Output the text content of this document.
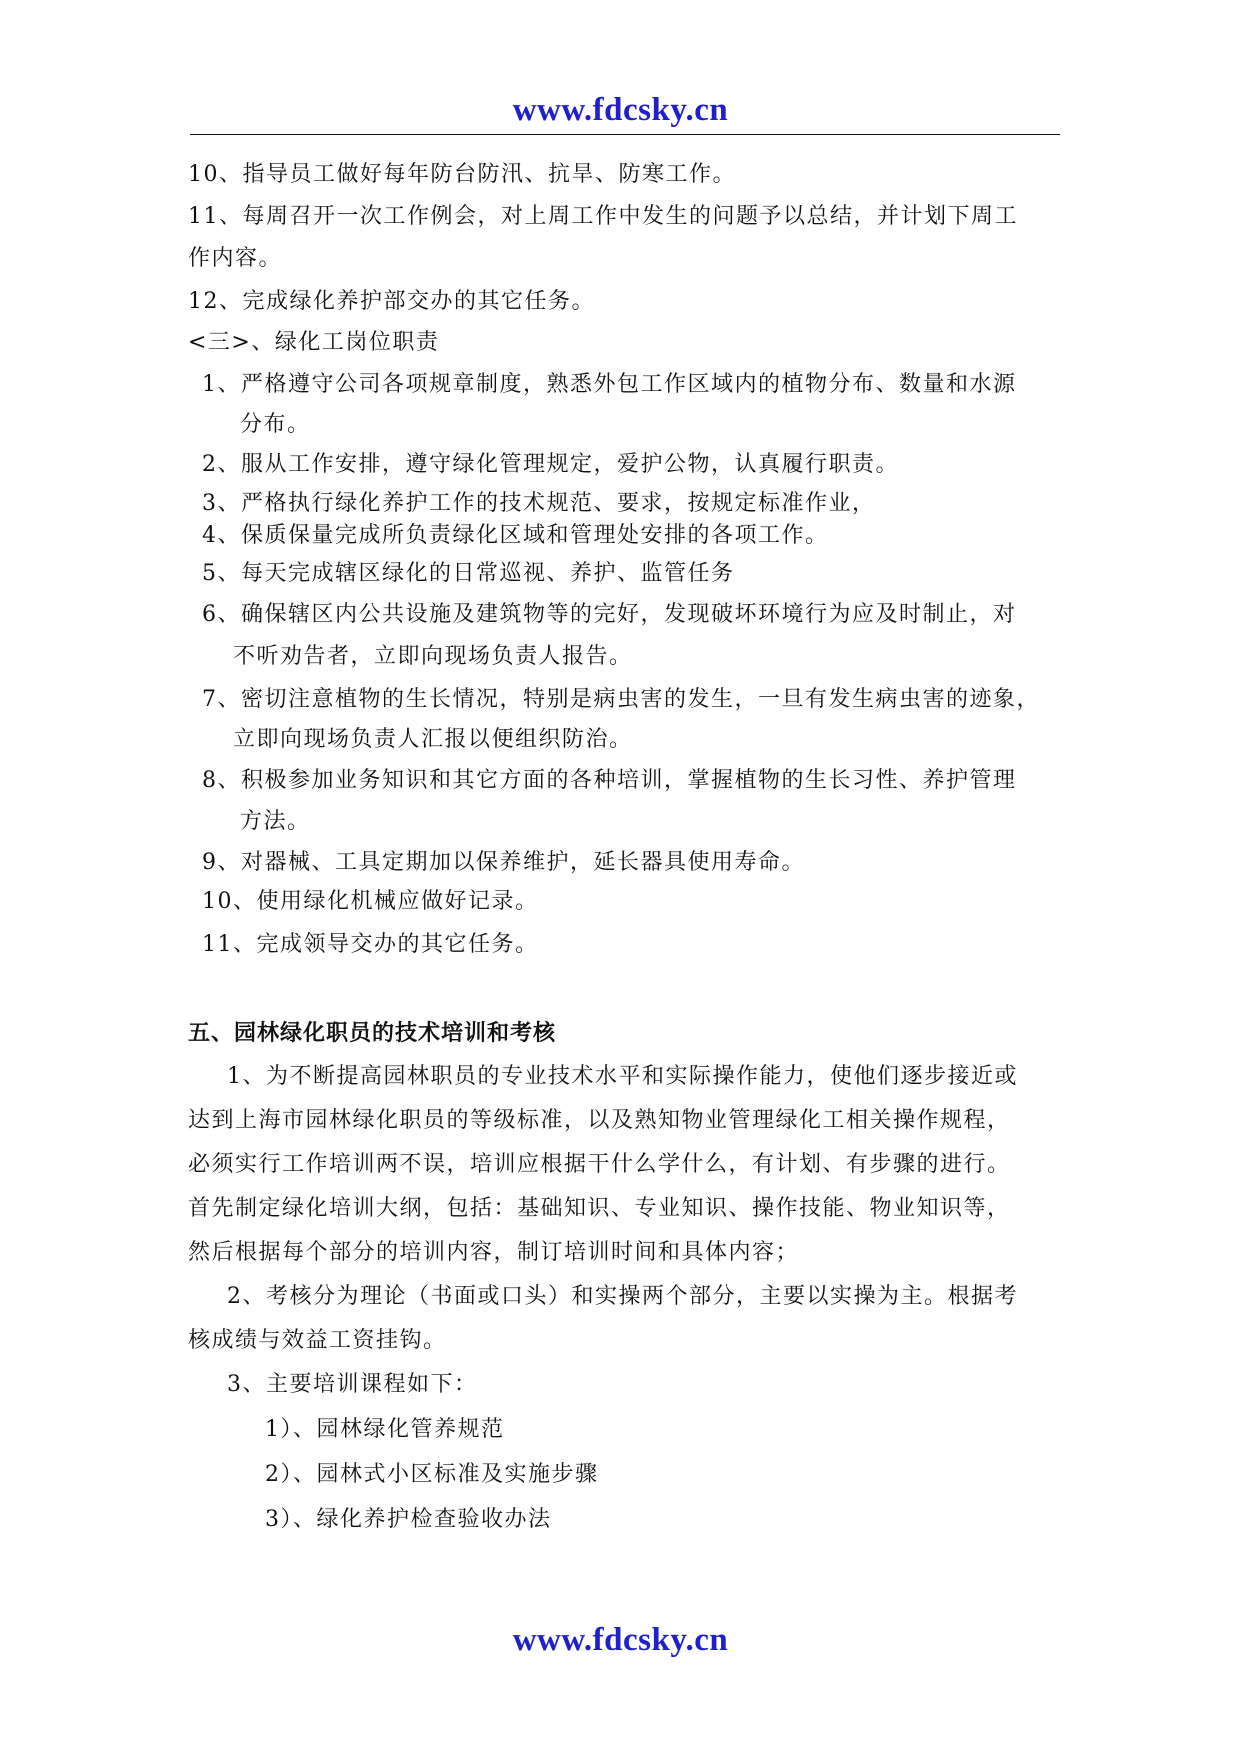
www.fdcsky.cn
10、指导员工做好每年防台防汛、抗旱、防寒工作。
11、每周召开一次工作例会，对上周工作中发生的问题予以总结，并计划下周工
作内容。
12、完成绿化养护部交办的其它任务。
<三>、绿化工岗位职责
1、严格遵守公司各项规章制度，熟悉外包工作区域内的植物分布、数量和水源
分布。
2、服从工作安排，遵守绿化管理规定，爱护公物，认真履行职责。
3、严格执行绿化养护工作的技术规范、要求，按规定标准作业，
4、保质保量完成所负责绿化区域和管理处安排的各项工作。
5、每天完成辖区绿化的日常巡视、养护、监管任务
6、确保辖区内公共设施及建筑物等的完好，发现破坏环境行为应及时制止，对
不听劝告者，立即向现场负责人报告。
7、密切注意植物的生长情况，特别是病虫害的发生，一旦有发生病虫害的迹象，
立即向现场负责人汇报以便组织防治。
8、积极参加业务知识和其它方面的各种培训，掌握植物的生长习性、养护管理
方法。
9、对器械、工具定期加以保养维护，延长器具使用寿命。
10、使用绿化机械应做好记录。
11、完成领导交办的其它任务。
五、园林绿化职员的技术培训和考核
1、为不断提高园林职员的专业技术水平和实际操作能力，使他们逐步接近或
达到上海市园林绿化职员的等级标准，以及熟知物业管理绿化工相关操作规程，
必须实行工作培训两不误，培训应根据干什么学什么，有计划、有步骤的进行。
首先制定绿化培训大纲，包括：基础知识、专业知识、操作技能、物业知识等，
然后根据每个部分的培训内容，制订培训时间和具体内容；
2、考核分为理论（书面或口头）和实操两个部分，主要以实操为主。根据考
核成绩与效益工资挂钩。
3、主要培训课程如下：
1）、园林绿化管养规范
2）、园林式小区标准及实施步骤
3）、绿化养护检查验收办法
www.fdcsky.cn
